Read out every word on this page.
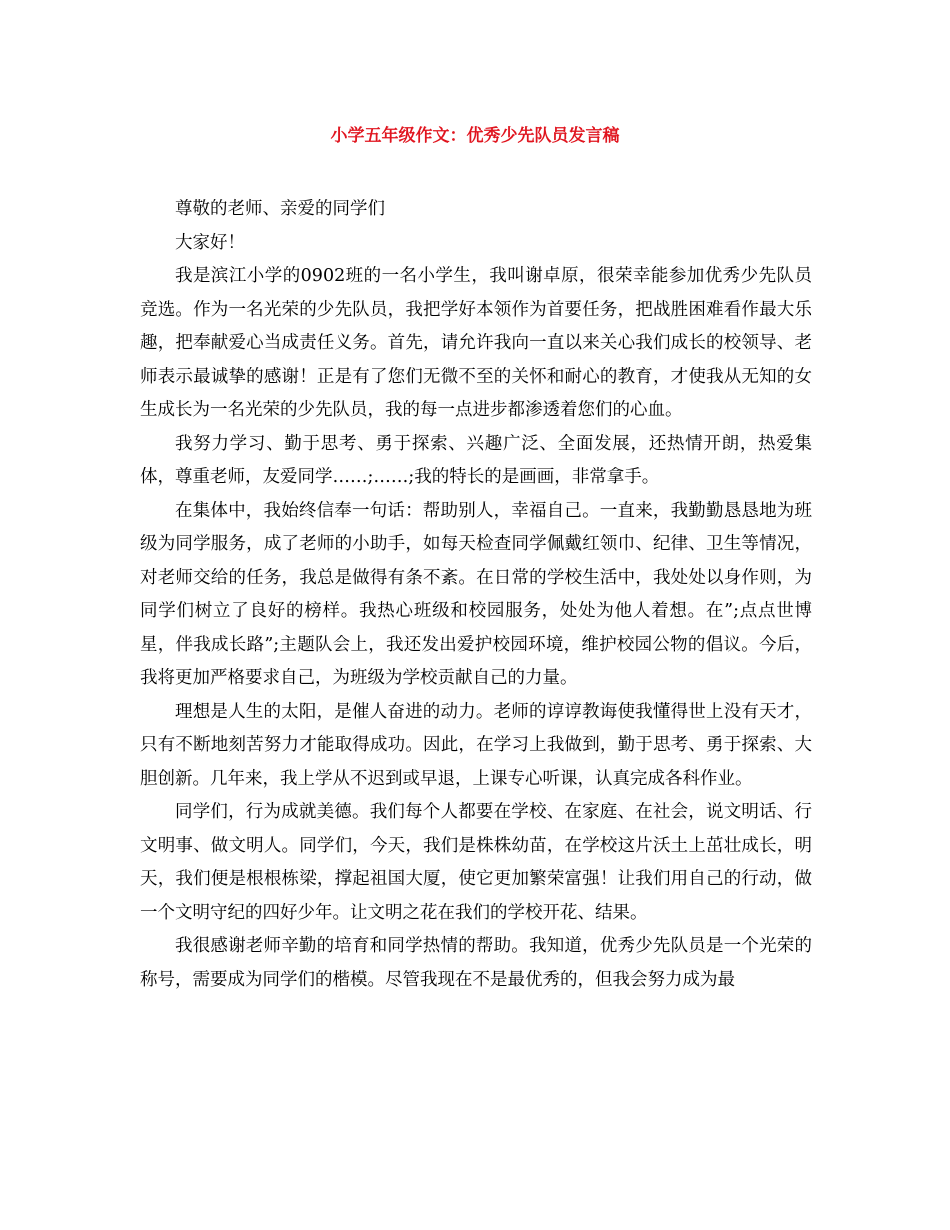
小学五年级作文：优秀少先队员发言稿

尊敬的老师、亲爱的同学们

大家好！

我是滨江小学的0902班的一名小学生，我叫谢卓原，很荣幸能参加优秀少先队员竞选。作为一名光荣的少先队员，我把学好本领作为首要任务，把战胜困难看作最大乐趣，把奉献爱心当成责任义务。首先，请允许我向一直以来关心我们成长的校领导、老师表示最诚挚的感谢！正是有了您们无微不至的关怀和耐心的教育，才使我从无知的女生成长为一名光荣的少先队员，我的每一点进步都渗透着您们的心血。

我努力学习、勤于思考、勇于探索、兴趣广泛、全面发展，还热情开朗，热爱集体，尊重老师，友爱同学……;……;我的特长的是画画，非常拿手。

在集体中，我始终信奉一句话：帮助别人，幸福自己。一直来，我勤勤恳恳地为班级为同学服务，成了老师的小助手，如每天检查同学佩戴红领巾、纪律、卫生等情况，对老师交给的任务，我总是做得有条不紊。在日常的学校生活中，我处处以身作则，为同学们树立了良好的榜样。我热心班级和校园服务，处处为他人着想。在”;点点世博星，伴我成长路”;主题队会上，我还发出爱护校园环境，维护校园公物的倡议。今后，我将更加严格要求自己，为班级为学校贡献自己的力量。

理想是人生的太阳，是催人奋进的动力。老师的谆谆教诲使我懂得世上没有天才，只有不断地刻苦努力才能取得成功。因此，在学习上我做到，勤于思考、勇于探索、大胆创新。几年来，我上学从不迟到或早退，上课专心听课，认真完成各科作业。

同学们，行为成就美德。我们每个人都要在学校、在家庭、在社会，说文明话、行文明事、做文明人。同学们，今天，我们是株株幼苗，在学校这片沃土上茁壮成长，明天，我们便是根根栋梁，撑起祖国大厦，使它更加繁荣富强！让我们用自己的行动，做一个文明守纪的四好少年。让文明之花在我们的学校开花、结果。

我很感谢老师辛勤的培育和同学热情的帮助。我知道，优秀少先队员是一个光荣的称号，需要成为同学们的楷模。尽管我现在不是最优秀的，但我会努力成为最
